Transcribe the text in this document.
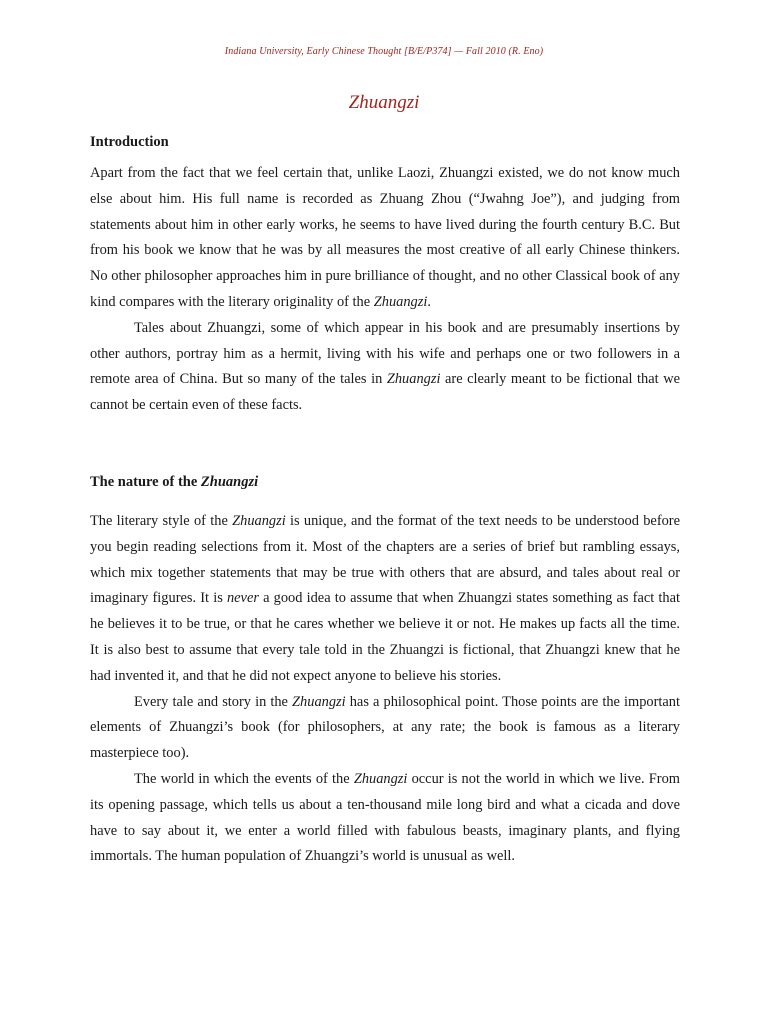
Indiana University, Early Chinese Thought [B/E/P374] — Fall 2010 (R. Eno)
Zhuangzi
Introduction

Apart from the fact that we feel certain that, unlike Laozi, Zhuangzi existed, we do not know much else about him. His full name is recorded as Zhuang Zhou (“Jwahng Joe”), and judging from statements about him in other early works, he seems to have lived during the fourth century B.C. But from his book we know that he was by all measures the most creative of all early Chinese thinkers. No other philosopher approaches him in pure brilliance of thought, and no other Classical book of any kind compares with the literary originality of the Zhuangzi.

Tales about Zhuangzi, some of which appear in his book and are presumably insertions by other authors, portray him as a hermit, living with his wife and perhaps one or two followers in a remote area of China. But so many of the tales in Zhuangzi are clearly meant to be fictional that we cannot be certain even of these facts.

The nature of the Zhuangzi

The literary style of the Zhuangzi is unique, and the format of the text needs to be understood before you begin reading selections from it. Most of the chapters are a series of brief but rambling essays, which mix together statements that may be true with others that are absurd, and tales about real or imaginary figures. It is never a good idea to assume that when Zhuangzi states something as fact that he believes it to be true, or that he cares whether we believe it or not. He makes up facts all the time. It is also best to assume that every tale told in the Zhuangzi is fictional, that Zhuangzi knew that he had invented it, and that he did not expect anyone to believe his stories.

Every tale and story in the Zhuangzi has a philosophical point. Those points are the important elements of Zhuangzi’s book (for philosophers, at any rate; the book is famous as a literary masterpiece too).

The world in which the events of the Zhuangzi occur is not the world in which we live. From its opening passage, which tells us about a ten-thousand mile long bird and what a cicada and dove have to say about it, we enter a world filled with fabulous beasts, imaginary plants, and flying immortals. The human population of Zhuangzi’s world is unusual as well.
